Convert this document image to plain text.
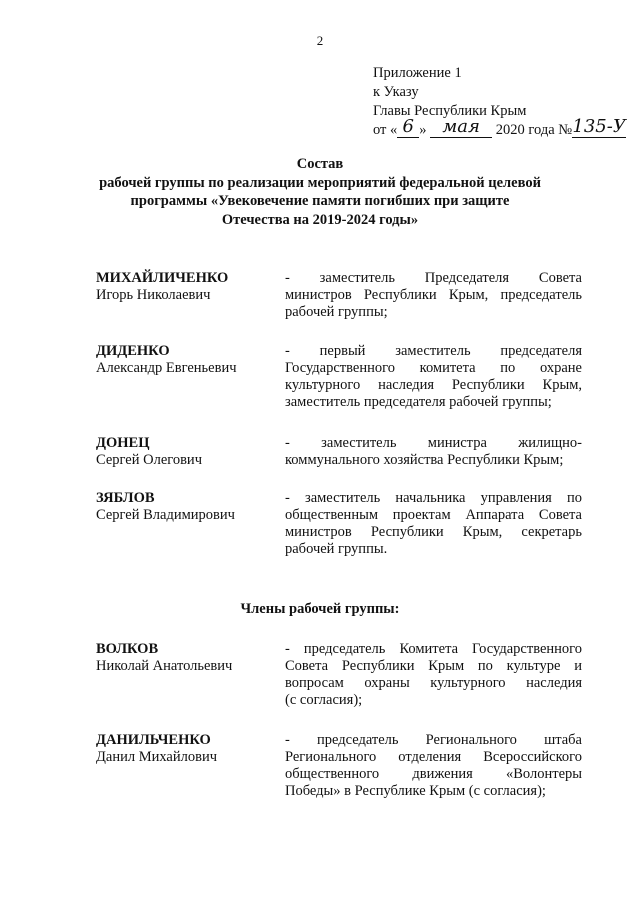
2
Приложение 1
к Указу
Главы Республики Крым
от « 6 » мая 2020 года №135-У
Состав
рабочей группы по реализации мероприятий федеральной целевой
программы «Увековечение памяти погибших при защите
Отечества на 2019-2024 годы»
МИХАЙЛИЧЕНКО
Игорь Николаевич
- заместитель Председателя Совета
министров Республики Крым, председатель
рабочей группы;
ДИДЕНКО
Александр Евгеньевич
- первый заместитель председателя
Государственного комитета по охране
культурного наследия Республики Крым,
заместитель председателя рабочей группы;
ДОНЕЦ
Сергей Олегович
- заместитель министра жилищно-
коммунального хозяйства Республики Крым;
ЗЯБЛОВ
Сергей Владимирович
- заместитель начальника управления по
общественным проектам Аппарата Совета
министров Республики Крым, секретарь
рабочей группы.
Члены рабочей группы:
ВОЛКОВ
Николай Анатольевич
- председатель Комитета Государственного
Совета Республики Крым по культуре и
вопросам охраны культурного наследия
(с согласия);
ДАНИЛЬЧЕНКО
Данил Михайлович
- председатель Регионального штаба
Регионального отделения Всероссийского
общественного движения «Волонтеры
Победы» в Республике Крым (с согласия);
